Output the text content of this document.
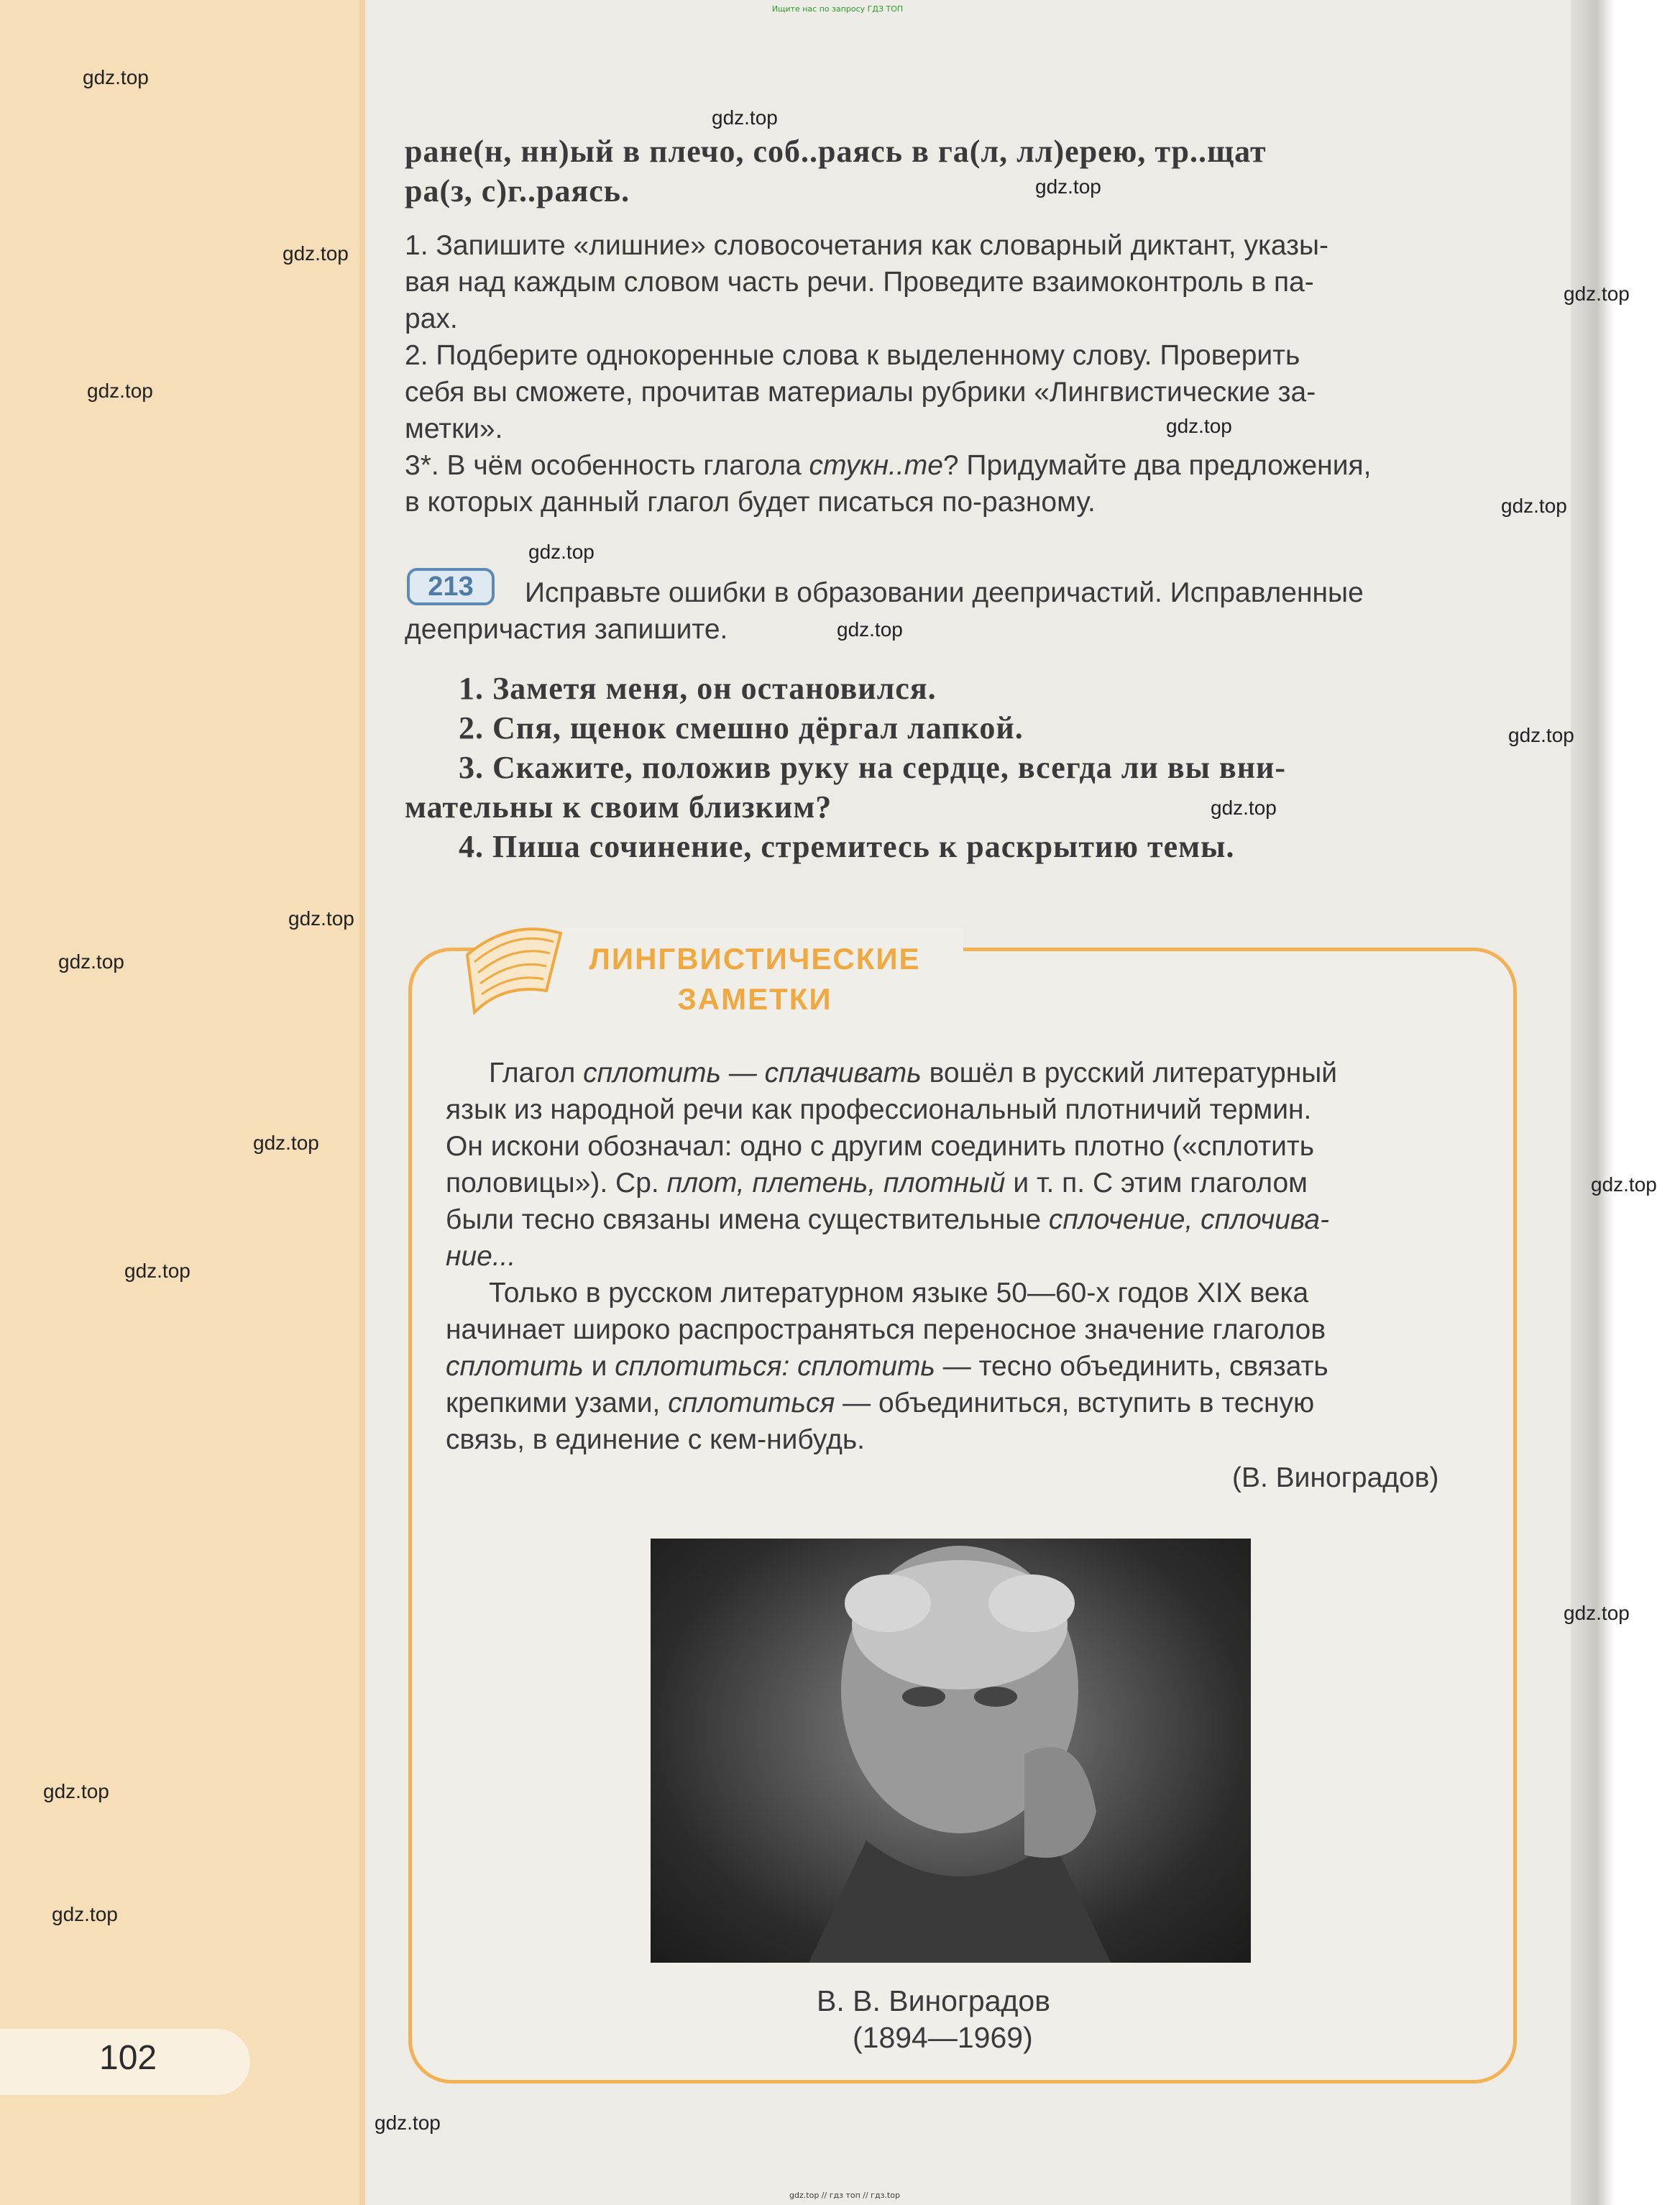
Ищите нас по запросу ГДЗ ТОП
gdz.top
gdz.top
gdz.top
gdz.top
gdz.top
gdz.top
gdz.top
gdz.top
gdz.top
gdz.top
gdz.top
gdz.top
gdz.top
gdz.top
gdz.top
gdz.top
gdz.top
gdz.top
gdz.top
gdz.top
gdz.top
ране(н, нн)ый в плечо, соб..раясь в га(л, лл)ерею, тр..щат
ра(з, с)г..раясь.
1. Запишите «лишние» словосочетания как словарный диктант, указы-
вая над каждым словом часть речи. Проведите взаимоконтроль в па-
рах.
2. Подберите однокоренные слова к выделенному слову. Проверить
себя вы сможете, прочитав материалы рубрики «Лингвистические за-
метки».
3*. В чём особенность глагола стукн..те? Придумайте два предложения,
в которых данный глагол будет писаться по-разному.
213	Исправьте ошибки в образовании деепричастий. Исправленные
деепричастия запишите.
1. Заметя меня, он остановился.
2. Спя, щенок смешно дёргал лапкой.
3. Скажите, положив руку на сердце, всегда ли вы вни-
мательны к своим близким?
4. Пиша сочинение, стремитесь к раскрытию темы.
ЛИНГВИСТИЧЕСКИЕ
ЗАМЕТКИ
Глагол сплотить — сплачивать вошёл в русский литературный
язык из народной речи как профессиональный плотничий термин.
Он искони обозначал: одно с другим соединить плотно («сплотить
половицы»). Ср. плот, плетень, плотный и т. п. С этим глаголом
были тесно связаны имена существительные сплочение, сплочива-
ние...
Только в русском литературном языке 50—60-х годов XIX века
начинает широко распространяться переносное значение глаголов
сплотить и сплотиться: сплотить — тесно объединить, связать
крепкими узами, сплотиться — объединиться, вступить в тесную
связь, в единение с кем-нибудь.
(В. Виноградов)
В. В. Виноградов
(1894—1969)
102
gdz.top // гдз топ // гдз.top
